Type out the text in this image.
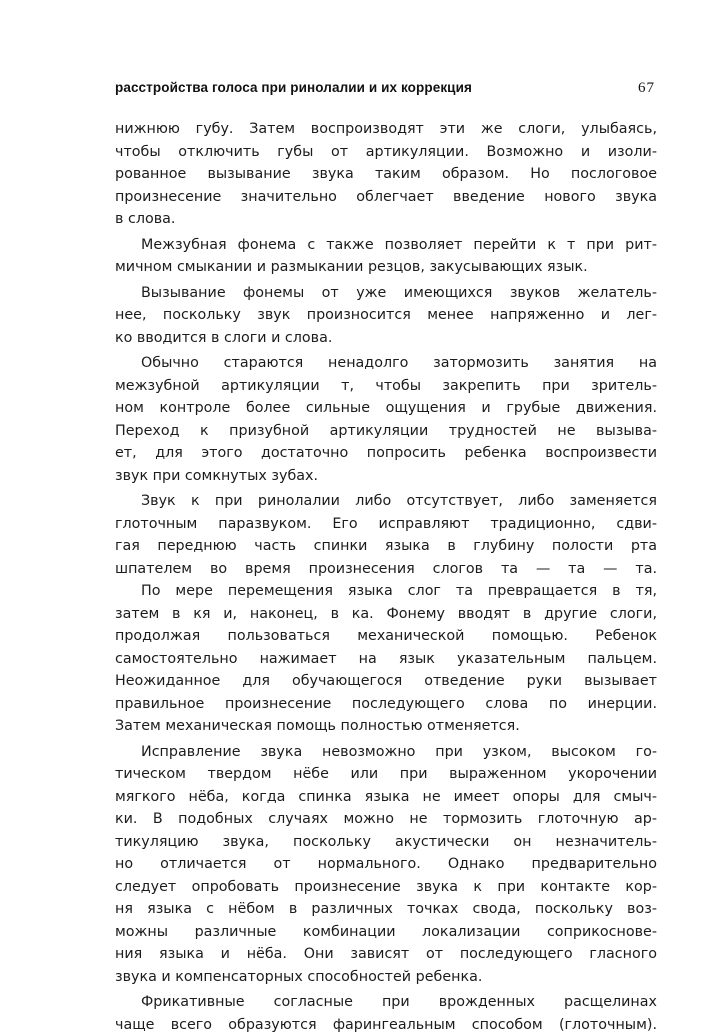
расстройства голоса при ринолалии и их коррекция	67
нижнюю губу. Затем воспроизводят эти же слоги, улыбаясь,
чтобы отключить губы от артикуляции. Возможно и изоли-
рованное вызывание звука таким образом. Но послоговое
произнесение значительно облегчает введение нового звука
в слова.
Межзубная фонема с также позволяет перейти к т при рит-
мичном смыкании и размыкании резцов, закусывающих язык.
Вызывание фонемы от уже имеющихся звуков желатель-
нее, поскольку звук произносится менее напряженно и лег-
ко вводится в слоги и слова.
Обычно стараются ненадолго затормозить занятия на
межзубной артикуляции т, чтобы закрепить при зритель-
ном контроле более сильные ощущения и грубые движения.
Переход к призубной артикуляции трудностей не вызыва-
ет, для этого достаточно попросить ребенка воспроизвести
звук при сомкнутых зубах.
Звук к при ринолалии либо отсутствует, либо заменяется
глоточным паразвуком. Его исправляют традиционно, сдви-
гая переднюю часть спинки языка в глубину полости рта
шпателем во время произнесения слогов та — та — та.
По мере перемещения языка слог та превращается в тя,
затем в кя и, наконец, в ка. Фонему вводят в другие слоги,
продолжая пользоваться механической помощью. Ребенок
самостоятельно нажимает на язык указательным пальцем.
Неожиданное для обучающегося отведение руки вызывает
правильное произнесение последующего слова по инерции.
Затем механическая помощь полностью отменяется.
Исправление звука невозможно при узком, высоком го-
тическом твердом нёбе или при выраженном укорочении
мягкого нёба, когда спинка языка не имеет опоры для смыч-
ки. В подобных случаях можно не тормозить глоточную ар-
тикуляцию звука, поскольку акустически он незначитель-
но отличается от нормального. Однако предварительно
следует опробовать произнесение звука к при контакте кор-
ня языка с нёбом в различных точках свода, поскольку воз-
можны различные комбинации локализации соприкоснове-
ния языка и нёба. Они зависят от последующего гласного
звука и компенсаторных способностей ребенка.
Фрикативные согласные при врожденных расщелинах
чаще всего образуются фарингеальным способом (глоточным).
